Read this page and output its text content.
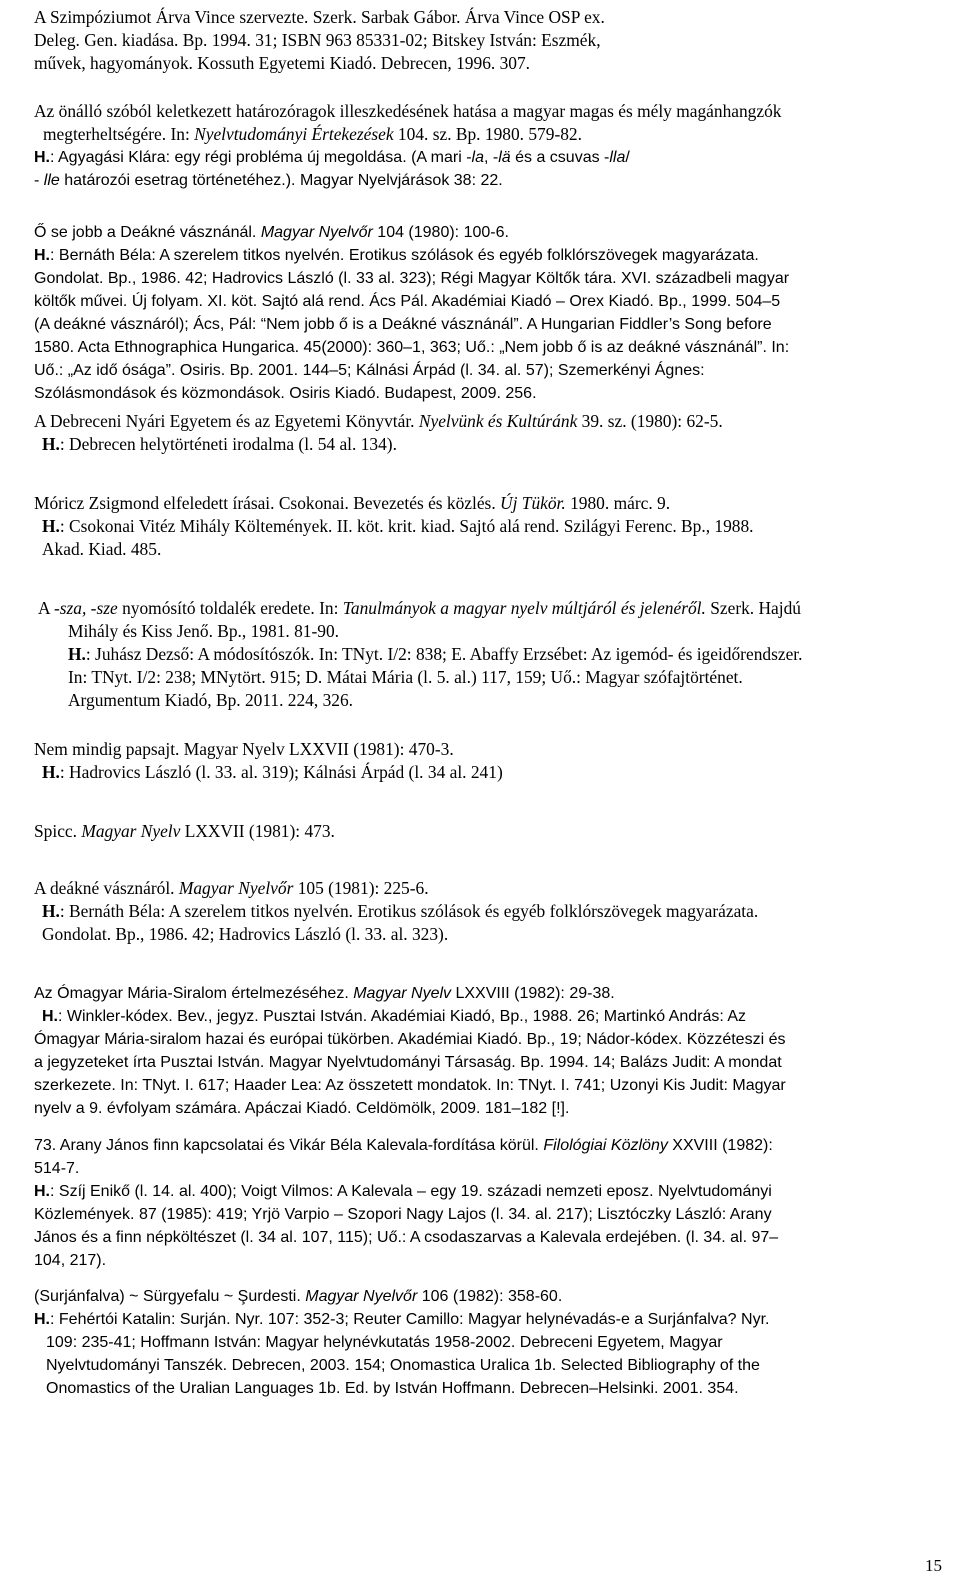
A Szimpóziumot Árva Vince szervezte. Szerk. Sarbak Gábor. Árva Vince OSP ex.
Deleg. Gen. kiadása. Bp. 1994. 31; ISBN 963 85331-02; Bitskey István: Eszmék,
művek, hagyományok. Kossuth Egyetemi Kiadó. Debrecen, 1996. 307.
Az önálló szóból keletkezett határozóragok illeszkedésének hatása a magyar magas és mély magánhangzók
megterheltségére. In: Nyelvtudományi Értekezések 104. sz. Bp. 1980. 579-82.
H.: Agyagási Klára: egy régi probléma új megoldása. (A mari -la, -lä és a csuvas -lla/
- lle határozói esetrag történetéhez.). Magyar Nyelvjárások 38: 22.
Ő se jobb a Deákné vásznánál. Magyar Nyelvőr 104 (1980): 100-6.
H.: Bernáth Béla: A szerelem titkos nyelvén. Erotikus szólások és egyéb folklórszövegek magyarázata.
Gondolat. Bp., 1986. 42; Hadrovics László (l. 33 al. 323); Régi Magyar Költők tára. XVI. századbeli magyar
költők művei. Új folyam. XI. köt. Sajtó alá rend. Ács Pál. Akadémiai Kiadó – Orex Kiadó. Bp., 1999. 504–5
(A deákné vásznáról); Ács, Pál: “Nem jobb ő is a Deákné vásznánál”. A Hungarian Fiddler’s Song before
1580. Acta Ethnographica Hungarica. 45(2000): 360–1, 363; Uő.: „Nem jobb ő is az deákné vásznánál”. In:
Uő.: „Az idő ósága”. Osiris. Bp. 2001. 144–5; Kálnási Árpád (l. 34. al. 57); Szemerkényi Ágnes:
Szólásmondások és közmondások. Osiris Kiadó. Budapest, 2009. 256.
A Debreceni Nyári Egyetem és az Egyetemi Könyvtár. Nyelvünk és Kultúránk 39. sz. (1980): 62-5.
H.: Debrecen helytörténeti irodalma (l. 54 al. 134).
Móricz Zsigmond elfeledett írásai. Csokonai. Bevezetés és közlés. Új Tükör. 1980. márc. 9.
H.: Csokonai Vitéz Mihály Költemények. II. köt. krit. kiad. Sajtó alá rend. Szilágyi Ferenc. Bp., 1988.
Akad. Kiad. 485.
A -sza, -sze nyomósító toldalék eredete. In: Tanulmányok a magyar nyelv múltjáról és jelenéről. Szerk. Hajdú
Mihály és Kiss Jenő. Bp., 1981. 81-90.
H.: Juhász Dezső: A módosítószók. In: TNyt. I/2: 838; E. Abaffy Erzsébet: Az igemód- és igeidőrendszer.
In: TNyt. I/2: 238; MNytört. 915; D. Mátai Mária (l. 5. al.) 117, 159; Uő.: Magyar szófajtörténet.
Argumentum Kiadó, Bp. 2011. 224, 326.
Nem mindig papsajt. Magyar Nyelv LXXVII (1981): 470-3.
H.: Hadrovics László (l. 33. al. 319); Kálnási Árpád (l. 34 al. 241)
Spicc. Magyar Nyelv LXXVII (1981): 473.
A deákné vásznáról. Magyar Nyelvőr 105 (1981): 225-6.
H.: Bernáth Béla: A szerelem titkos nyelvén. Erotikus szólások és egyéb folklórszövegek magyarázata.
Gondolat. Bp., 1986. 42; Hadrovics László (l. 33. al. 323).
Az Ómagyar Mária-Siralom értelmezéséhez. Magyar Nyelv LXXVIII (1982): 29-38.
H.: Winkler-kódex. Bev., jegyz. Pusztai István. Akadémiai Kiadó, Bp., 1988. 26; Martinkó András: Az
Ómagyar Mária-siralom hazai és európai tükörben. Akadémiai Kiadó. Bp., 19; Nádor-kódex. Közzéteszi és
a jegyzeteket írta Pusztai István. Magyar Nyelvtudományi Társaság. Bp. 1994. 14; Balázs Judit: A mondat
szerkezete. In: TNyt. I. 617; Haader Lea: Az összetett mondatok. In: TNyt. I. 741; Uzonyi Kis Judit: Magyar
nyelv a 9. évfolyam számára. Apáczai Kiadó. Celdömölk, 2009. 181–182 [!].
73. Arany János finn kapcsolatai és Vikár Béla Kalevala-fordítása körül. Filológiai Közlöny XXVIII (1982):
514-7.
H.: Szíj Enikő (l. 14. al. 400); Voigt Vilmos: A Kalevala – egy 19. századi nemzeti eposz. Nyelvtudományi
Közlemények. 87 (1985): 419; Yrjö Varpio – Szopori Nagy Lajos (l. 34. al. 217); Lisztóczky László: Arany
János és a finn népköltészet (l. 34 al. 107, 115); Uő.: A csodaszarvas a Kalevala erdejében. (l. 34. al. 97–
104, 217).
(Surjánfalva) ~ Sürgyefalu ~ Şurdesti. Magyar Nyelvőr 106 (1982): 358-60.
H.: Fehértói Katalin: Surján. Nyr. 107: 352-3; Reuter Camillo: Magyar helynévadás-e a Surjánfalva? Nyr.
109: 235-41; Hoffmann István: Magyar helynévkutatás 1958-2002. Debreceni Egyetem, Magyar
Nyelvtudományi Tanszék. Debrecen, 2003. 154; Onomastica Uralica 1b. Selected Bibliography of the
Onomastics of the Uralian Languages 1b. Ed. by István Hoffmann. Debrecen–Helsinki. 2001. 354.
15
